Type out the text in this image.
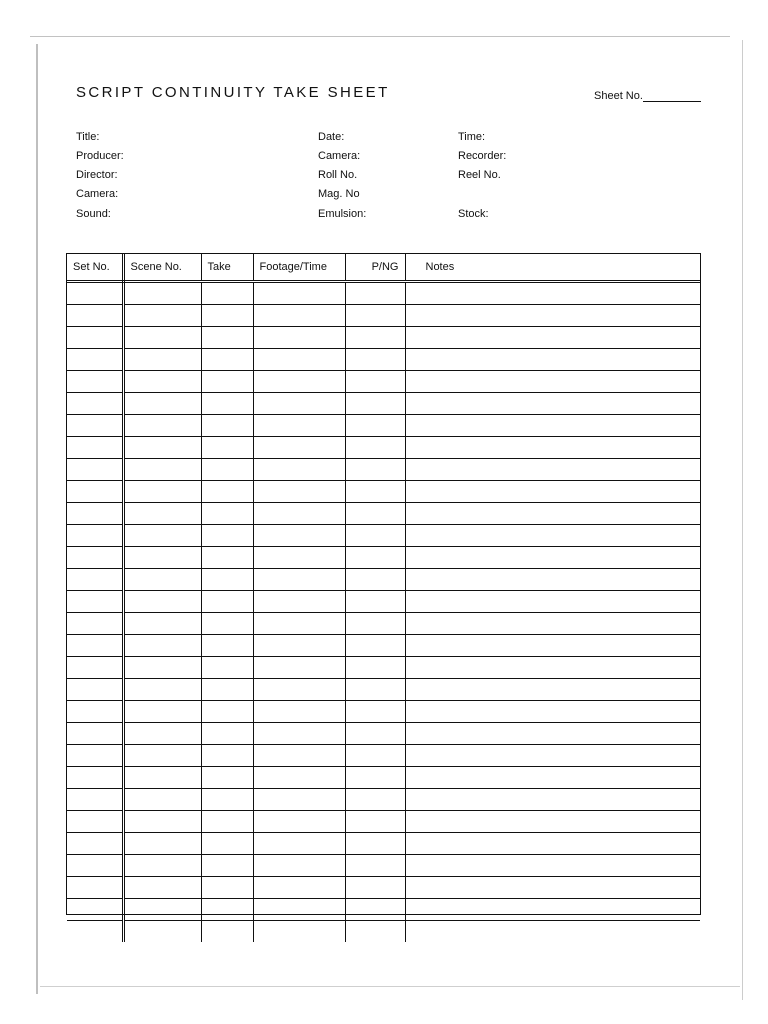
SCRIPT CONTINUITY TAKE SHEET	Sheet No.
Title:
Producer:
Director:
Camera:
Sound:
Date:
Camera:
Roll No.
Mag. No
Emulsion:
Time:
Recorder:
Reel No.
Stock:
Set No.	Scene No.	Take	Footage/Time	P/NG	Notes
